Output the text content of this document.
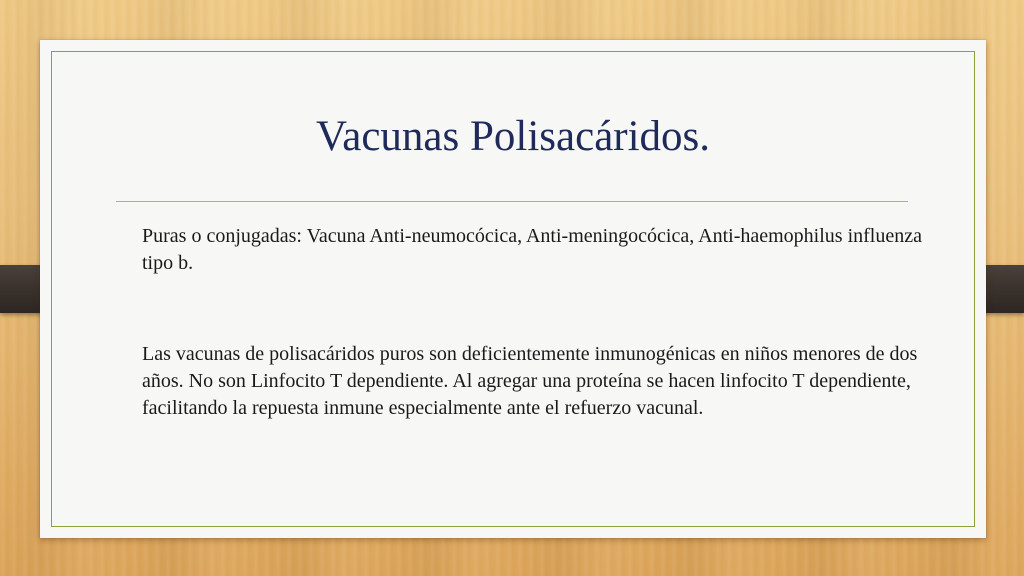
Vacunas Polisacáridos.

Puras o conjugadas: Vacuna Anti-neumocócica, Anti-meningocócica, Anti-haemophilus influenza tipo b.

Las vacunas de polisacáridos puros son deficientemente inmunogénicas en niños menores de dos años. No son Linfocito T dependiente. Al agregar una proteína se hacen linfocito T dependiente, facilitando la repuesta inmune especialmente ante el refuerzo vacunal.
